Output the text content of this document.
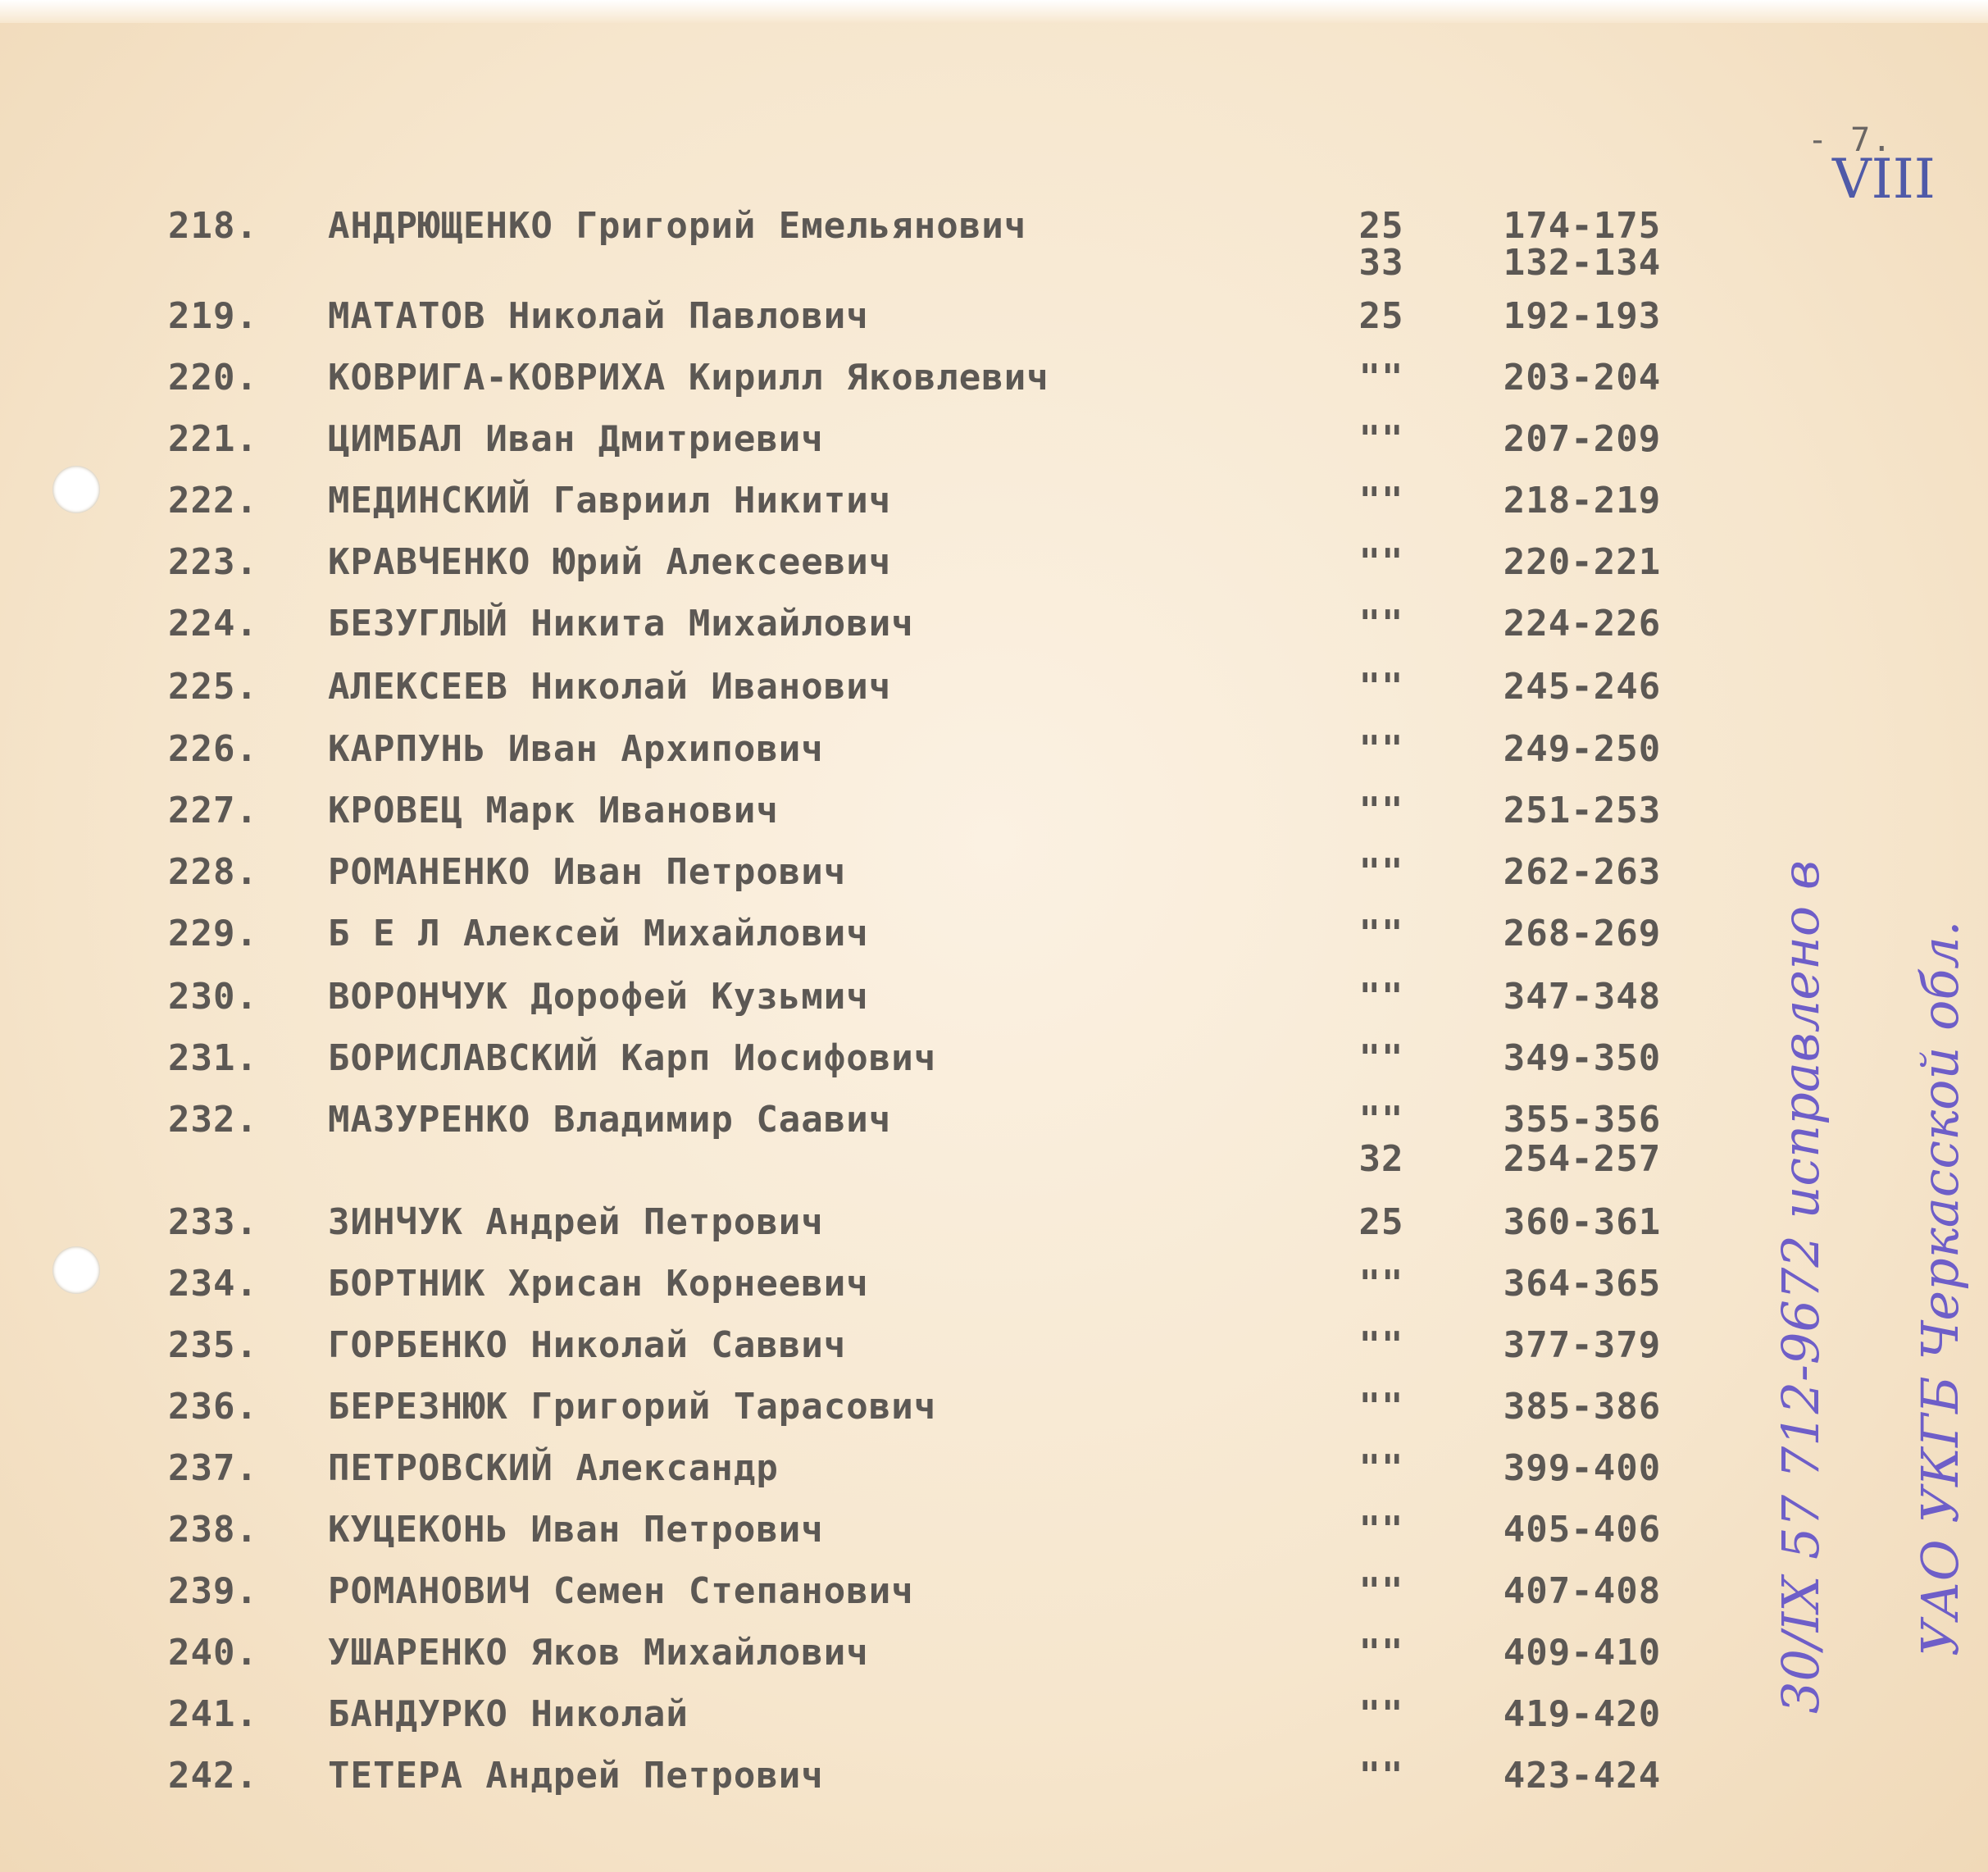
- 7.
218. АНДРЮЩЕНКО Григорий Емельянович	25	174-175
33	132-134
219. МАТАТОВ Николай Павлович	25	192-193
220. КОВРИГА-КОВРИХА Кирилл Яковлевич	""	203-204
221. ЦИМБАЛ Иван Дмитриевич	""	207-209
222. МЕДИНСКИЙ Гавриил Никитич	""	218-219
223. КРАВЧЕНКО Юрий Алексеевич	""	220-221
224. БЕЗУГЛЫЙ Никита Михайлович	""	224-226
225. АЛЕКСЕЕВ Николай Иванович	""	245-246
226. КАРПУНЬ Иван Архипович	""	249-250
227. КРОВЕЦ Марк Иванович	""	251-253
228. РОМАНЕНКО Иван Петрович	""	262-263
229. Б Е Л Алексей Михайлович	""	268-269
230. ВОРОНЧУК Дорофей Кузьмич	""	347-348
231. БОРИСЛАВСКИЙ Карп Иосифович	""	349-350
232. МАЗУРЕНКО Владимир Саавич	""	355-356
32	254-257
233. ЗИНЧУК Андрей Петрович	25	360-361
234. БОРТНИК Хрисан Корнеевич	""	364-365
235. ГОРБЕНКО Николай Саввич	""	377-379
236. БЕРЕЗНЮК Григорий Тарасович	""	385-386
237. ПЕТРОВСКИЙ Александр	""	399-400
238. КУЦЕКОНЬ Иван Петрович	""	405-406
239. РОМАНОВИЧ Семен Степанович	""	407-408
240. УШАРЕНКО Яков Михайлович	""	409-410
241. БАНДУРКО Николай	""	419-420
242. ТЕТЕРА Андрей Петрович	""	423-424
VIII
30/IX 57 712-9672 исправлено в УАО УКГБ Черкасской обл.
